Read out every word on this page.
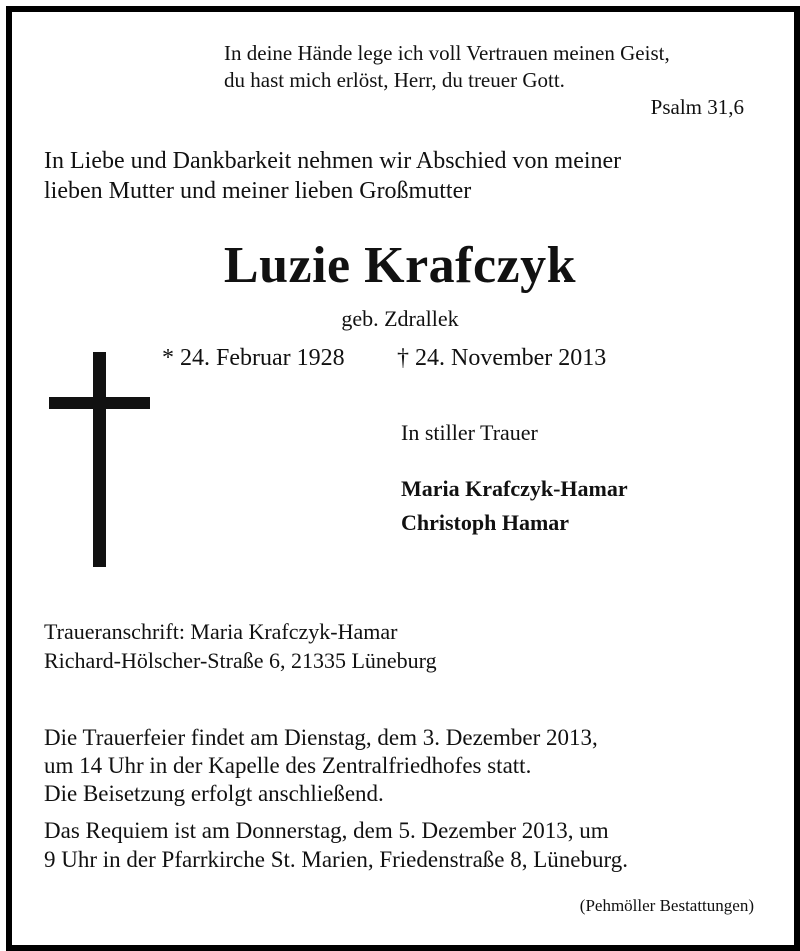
In deine Hände lege ich voll Vertrauen meinen Geist,
du hast mich erlöst, Herr, du treuer Gott.
Psalm 31,6
In Liebe und Dankbarkeit nehmen wir Abschied von meiner
lieben Mutter und meiner lieben Großmutter
Luzie Krafczyk
geb. Zdrallek
* 24. Februar 1928 † 24. November 2013
In stiller Trauer
Maria Krafczyk-Hamar
Christoph Hamar
Traueranschrift: Maria Krafczyk-Hamar
Richard-Hölscher-Straße 6, 21335 Lüneburg
Die Trauerfeier findet am Dienstag, dem 3. Dezember 2013,
um 14 Uhr in der Kapelle des Zentralfriedhofes statt.
Die Beisetzung erfolgt anschließend.
Das Requiem ist am Donnerstag, dem 5. Dezember 2013, um
9 Uhr in der Pfarrkirche St. Marien, Friedenstraße 8, Lüneburg.
(Pehmöller Bestattungen)
